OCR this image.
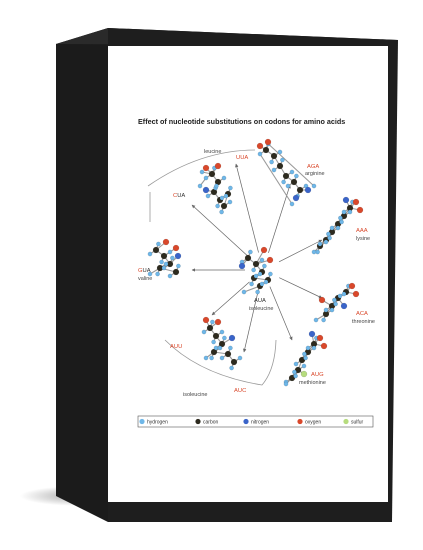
Effect of nucleotide substitutions on codons for amino acids
leucine
UUA
CUA
AGA
arginine
AAA
lysine
ACA
threonine
AUG
methionine
AUU
AUC
isoleucine
GUA
valine
AUA
isoleucine
hydrogen	carbon	nitrogen	oxygen	sulfur
